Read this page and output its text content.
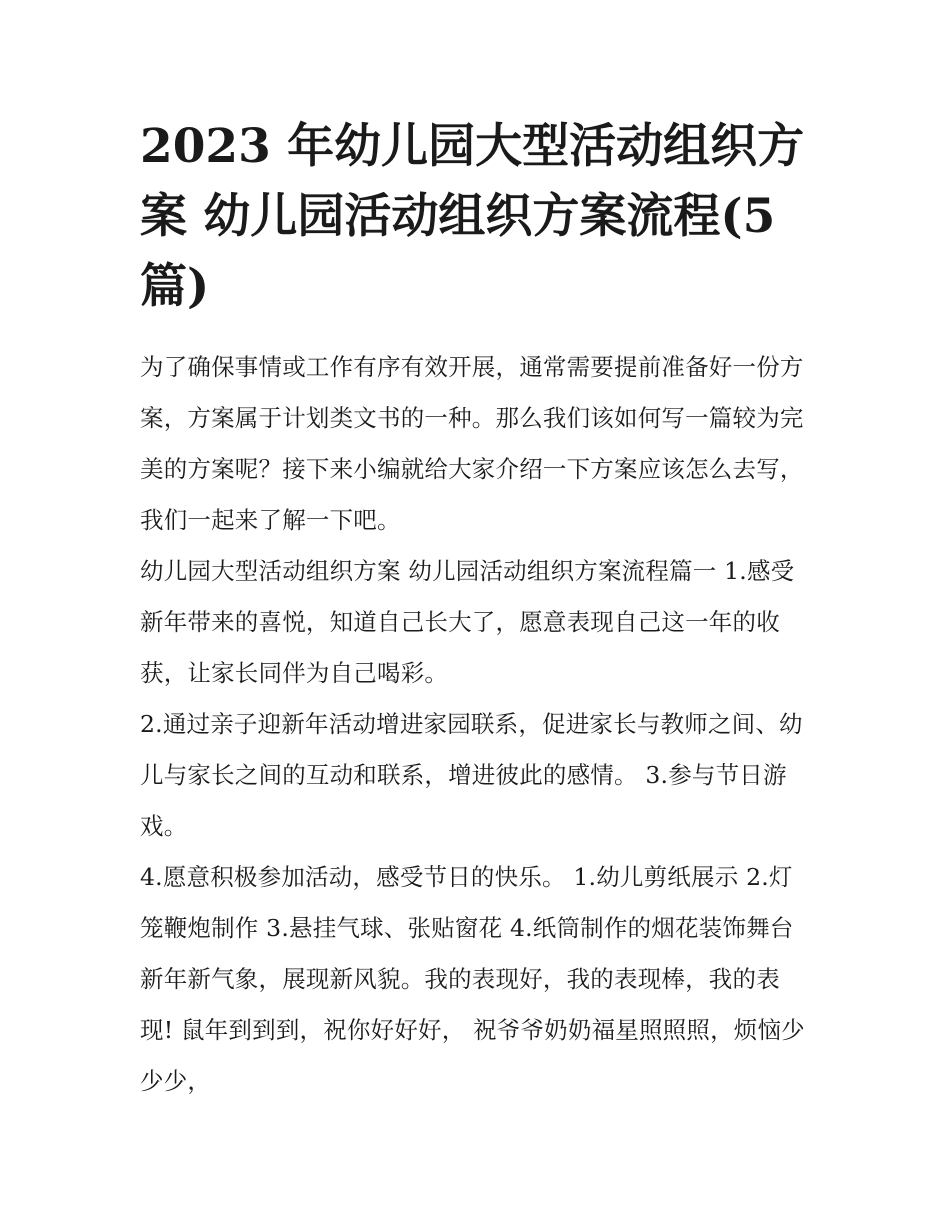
2023 年幼儿园大型活动组织方案 幼儿园活动组织方案流程(5篇)

为了确保事情或工作有序有效开展，通常需要提前准备好一份方案，方案属于计划类文书的一种。那么我们该如何写一篇较为完美的方案呢？接下来小编就给大家介绍一下方案应该怎么去写，我们一起来了解一下吧。

幼儿园大型活动组织方案 幼儿园活动组织方案流程篇一 1.感受新年带来的喜悦，知道自己长大了，愿意表现自己这一年的收获，让家长同伴为自己喝彩。

2.通过亲子迎新年活动增进家园联系，促进家长与教师之间、幼儿与家长之间的互动和联系，增进彼此的感情。 3.参与节日游戏。

4.愿意积极参加活动，感受节日的快乐。 1.幼儿剪纸展示 2.灯笼鞭炮制作 3.悬挂气球、张贴窗花 4.纸筒制作的烟花装饰舞台新年新气象，展现新风貌。我的表现好，我的表现棒，我的表现! 鼠年到到到，祝你好好好， 祝爷爷奶奶福星照照照，烦恼少少少，
